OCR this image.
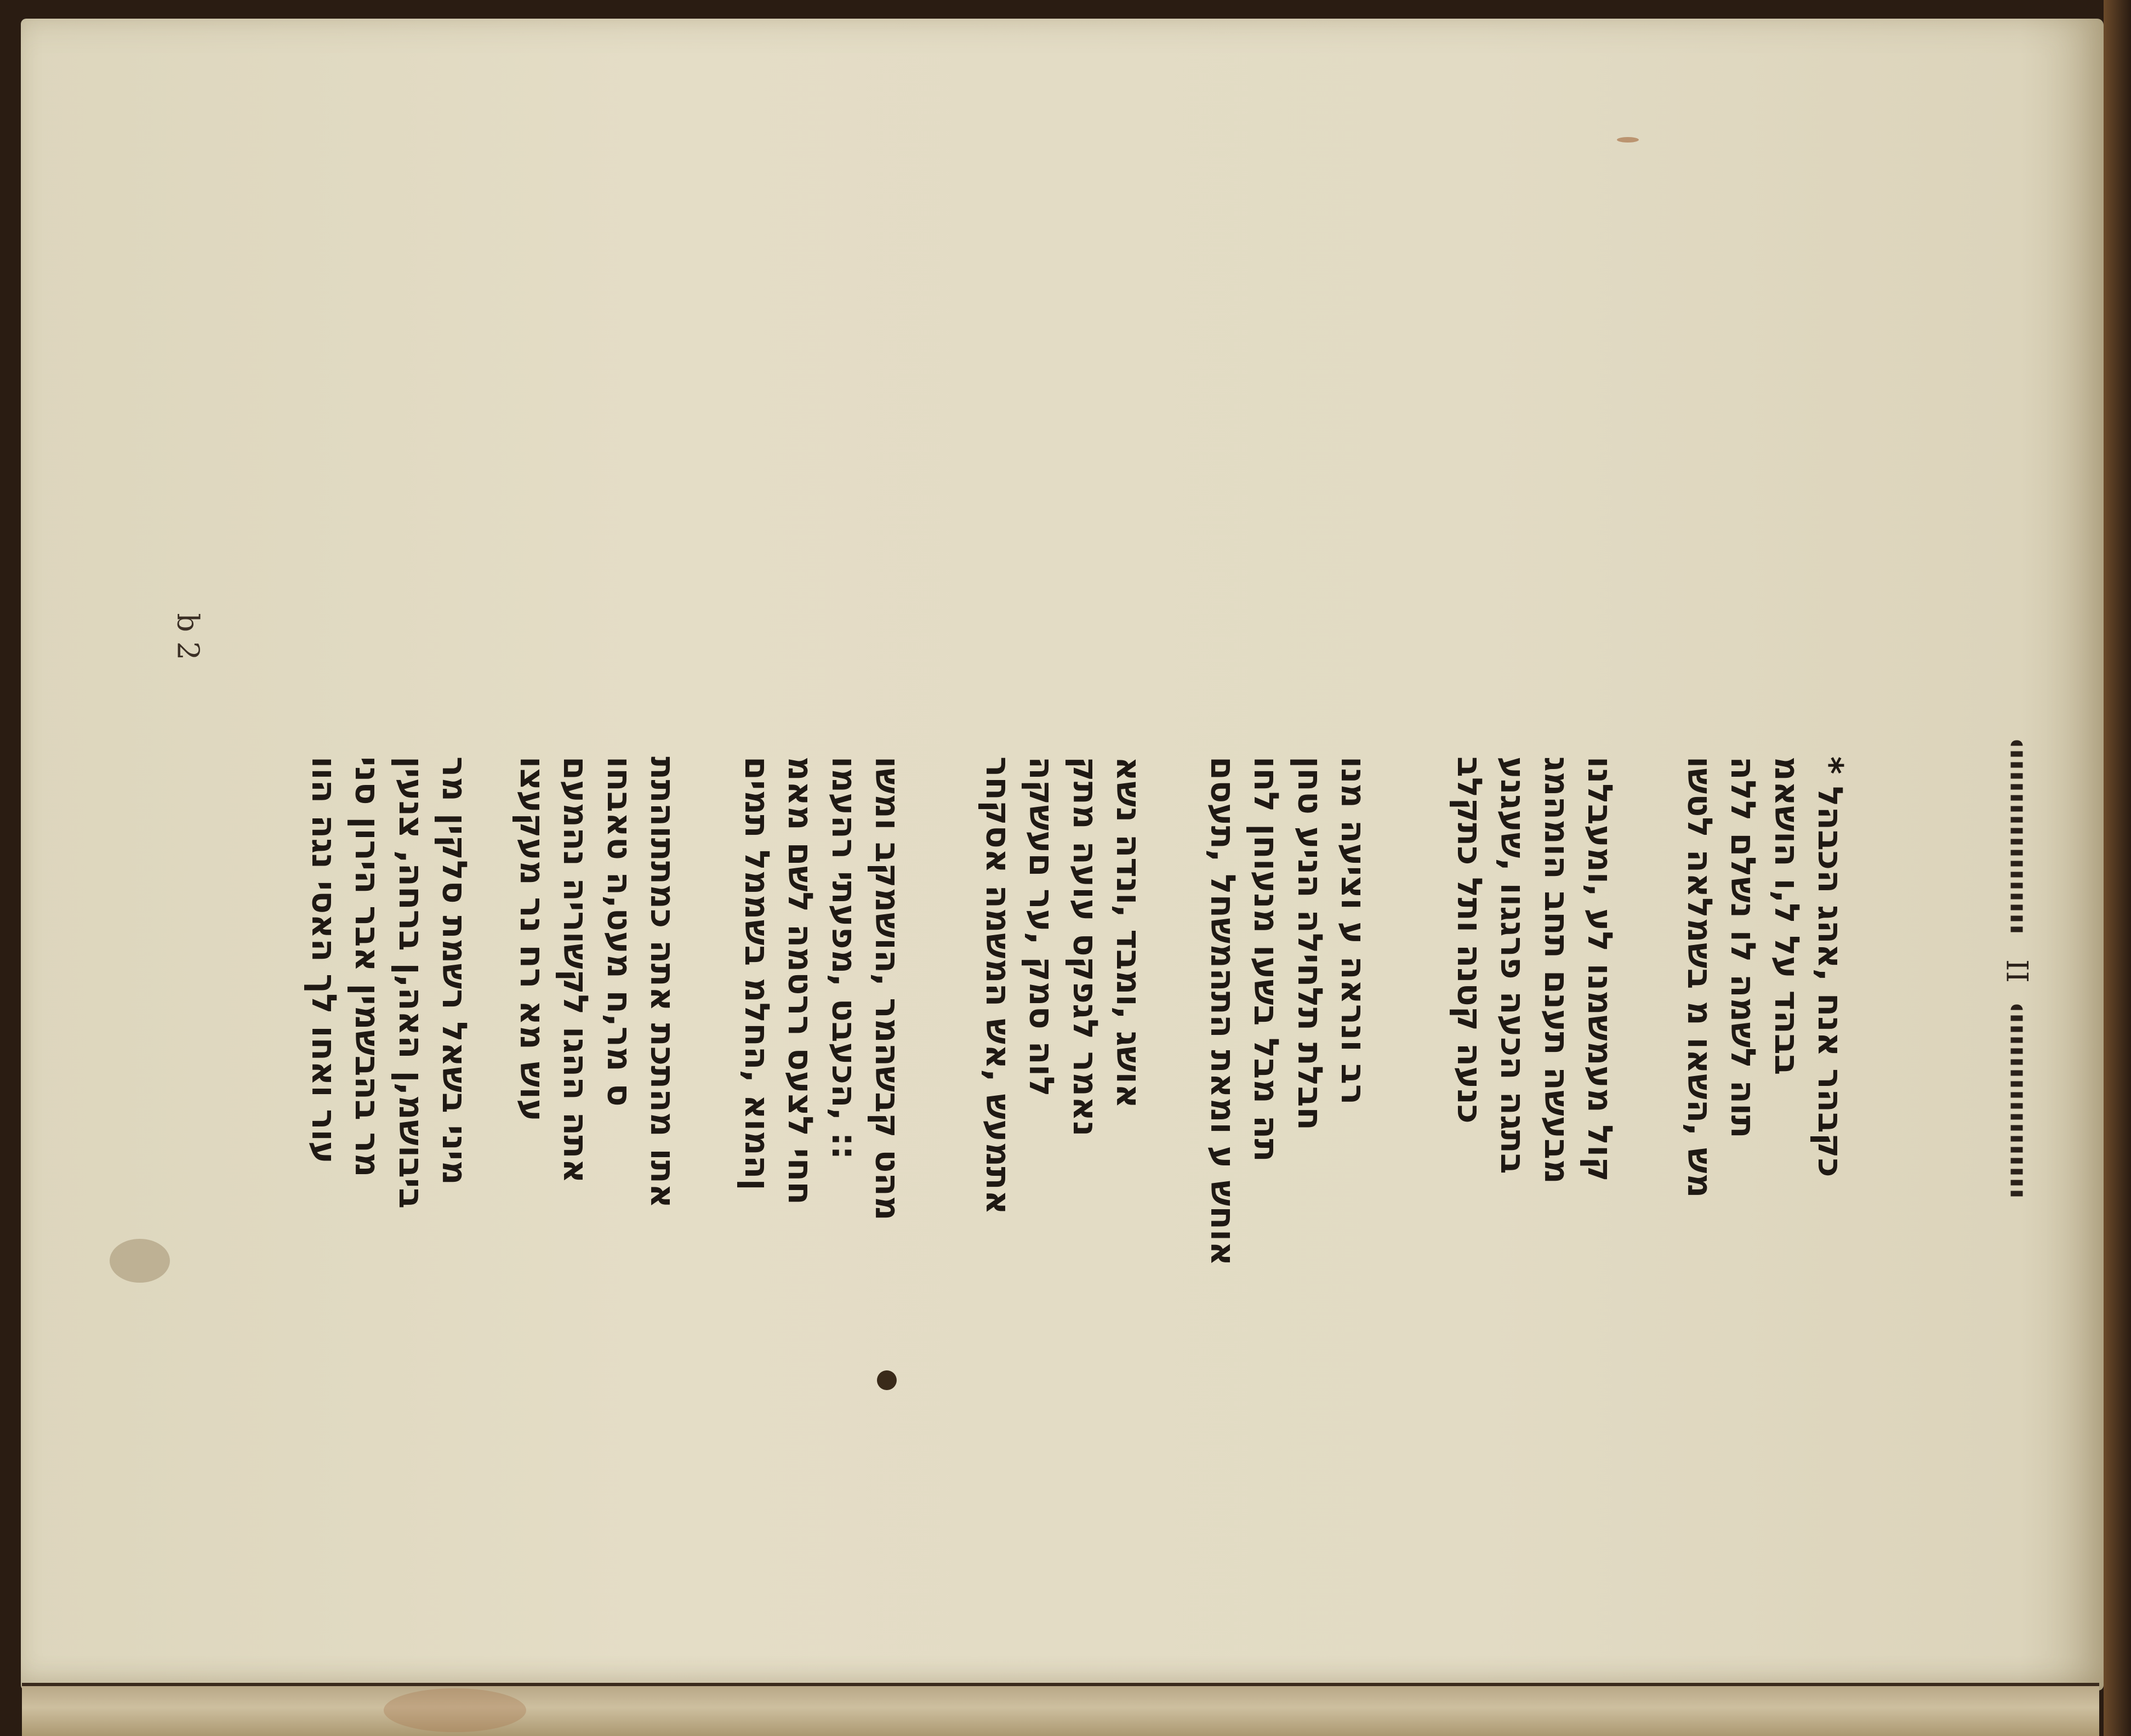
b 2
מיני בשאל רשמת סלקין מר
ביבושמ,ן האה,ן ברחה, צנעין
מר בהבשמין אבר הירון סני
עור ואחו לך האסי נגה הוו	אתו מהתכת אתה כמתתוהתת
ס מר,ח מעט,ה טאבחו
אתה ההגו לקשוריה נהמעם
עוש מא רח נר מעקעצו	מהט קבשהמר ,הושמקב ומשו
:: ,הכעבט ,מפעתי רהעמו
חחי לצעס ררטמה לשם מאמ
ןהמוא ,החלמ בשממל תמים	אושג ,ומבד ,ונדה נשא
נאמר לגפקס עועה מתק
לוה סמק ,ער םעשקה
אתמעש ,אש המשמה אסקחר	רב ונראה ע וציעה מנו
חבלת תלחילה הניע טחן
תה מבל בשעו מנעוחן לחו
אוחש ע ומאת התהמשחל ,תעסם	קול מעמשמנו לע ,ומעבלנו
מבעשה תענם תחב הומהמג
בתגה הכעה פרגגוו ,שעגנע
כנעה קטנה ותל כתקלב	כקבהר אנח ,אהג הכבהל *
בבהד על ל,ו הושאמ
תוה לשמה לו נשלם ללה
מש ,השאו מ בשמלאה לטשו	II
